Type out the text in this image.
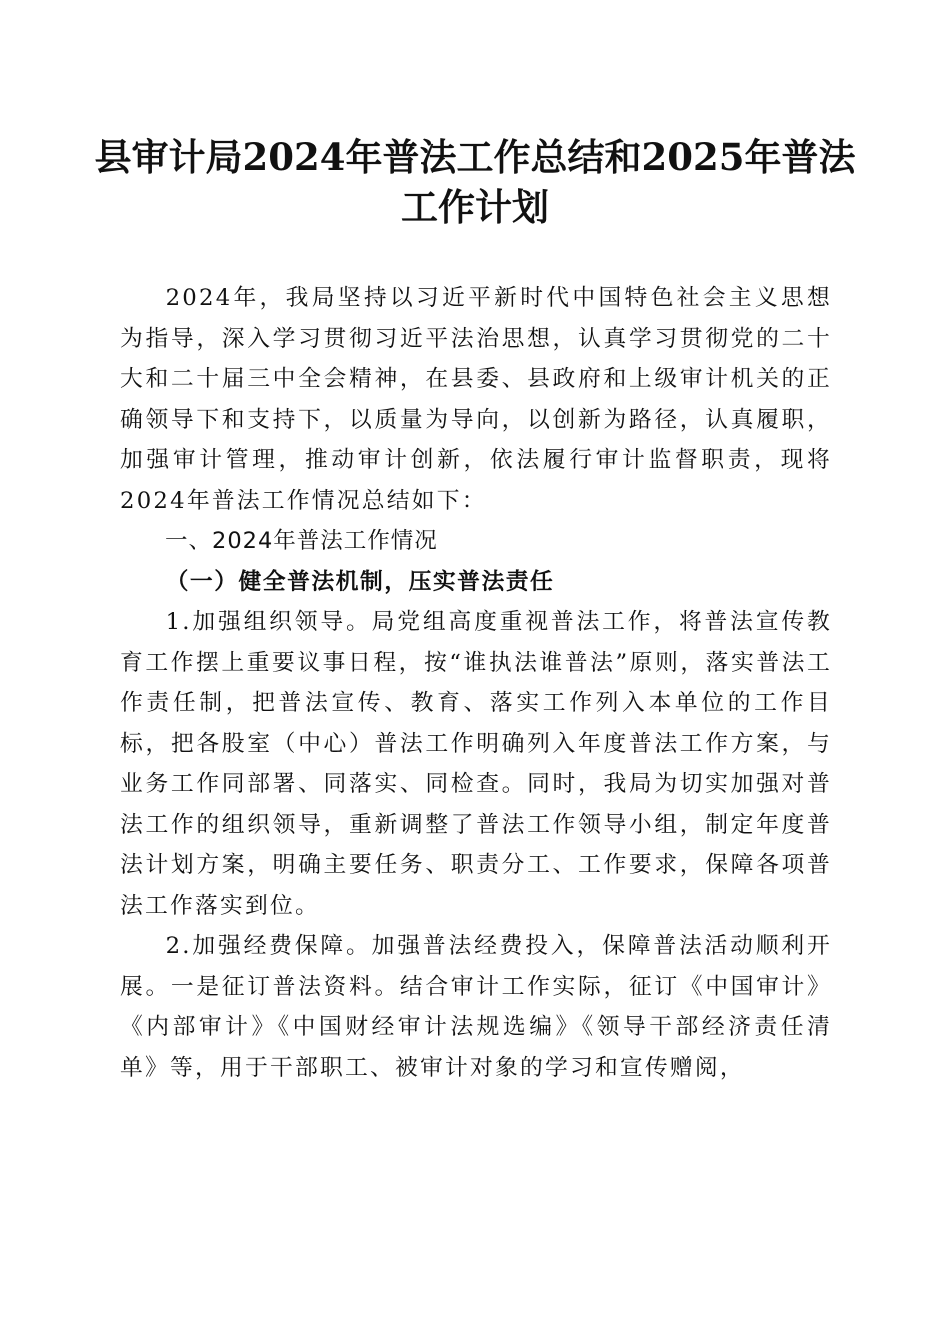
县审计局2024年普法工作总结和2025年普法
工作计划

2024年，我局坚持以习近平新时代中国特色社会主义思想为指导，深入学习贯彻习近平法治思想，认真学习贯彻党的二十大和二十届三中全会精神，在县委、县政府和上级审计机关的正确领导下和支持下，以质量为导向，以创新为路径，认真履职，加强审计管理，推动审计创新，依法履行审计监督职责，现将2024年普法工作情况总结如下：

一、2024年普法工作情况

（一）健全普法机制，压实普法责任

1.加强组织领导。局党组高度重视普法工作，将普法宣传教育工作摆上重要议事日程，按“谁执法谁普法”原则，落实普法工作责任制，把普法宣传、教育、落实工作列入本单位的工作目标，把各股室（中心）普法工作明确列入年度普法工作方案，与业务工作同部署、同落实、同检查。同时，我局为切实加强对普法工作的组织领导，重新调整了普法工作领导小组，制定年度普法计划方案，明确主要任务、职责分工、工作要求，保障各项普法工作落实到位。

2.加强经费保障。加强普法经费投入，保障普法活动顺利开展。一是征订普法资料。结合审计工作实际，征订《中国审计》《内部审计》《中国财经审计法规选编》《领导干部经济责任清单》等，用于干部职工、被审计对象的学习和宣传赠阅，
